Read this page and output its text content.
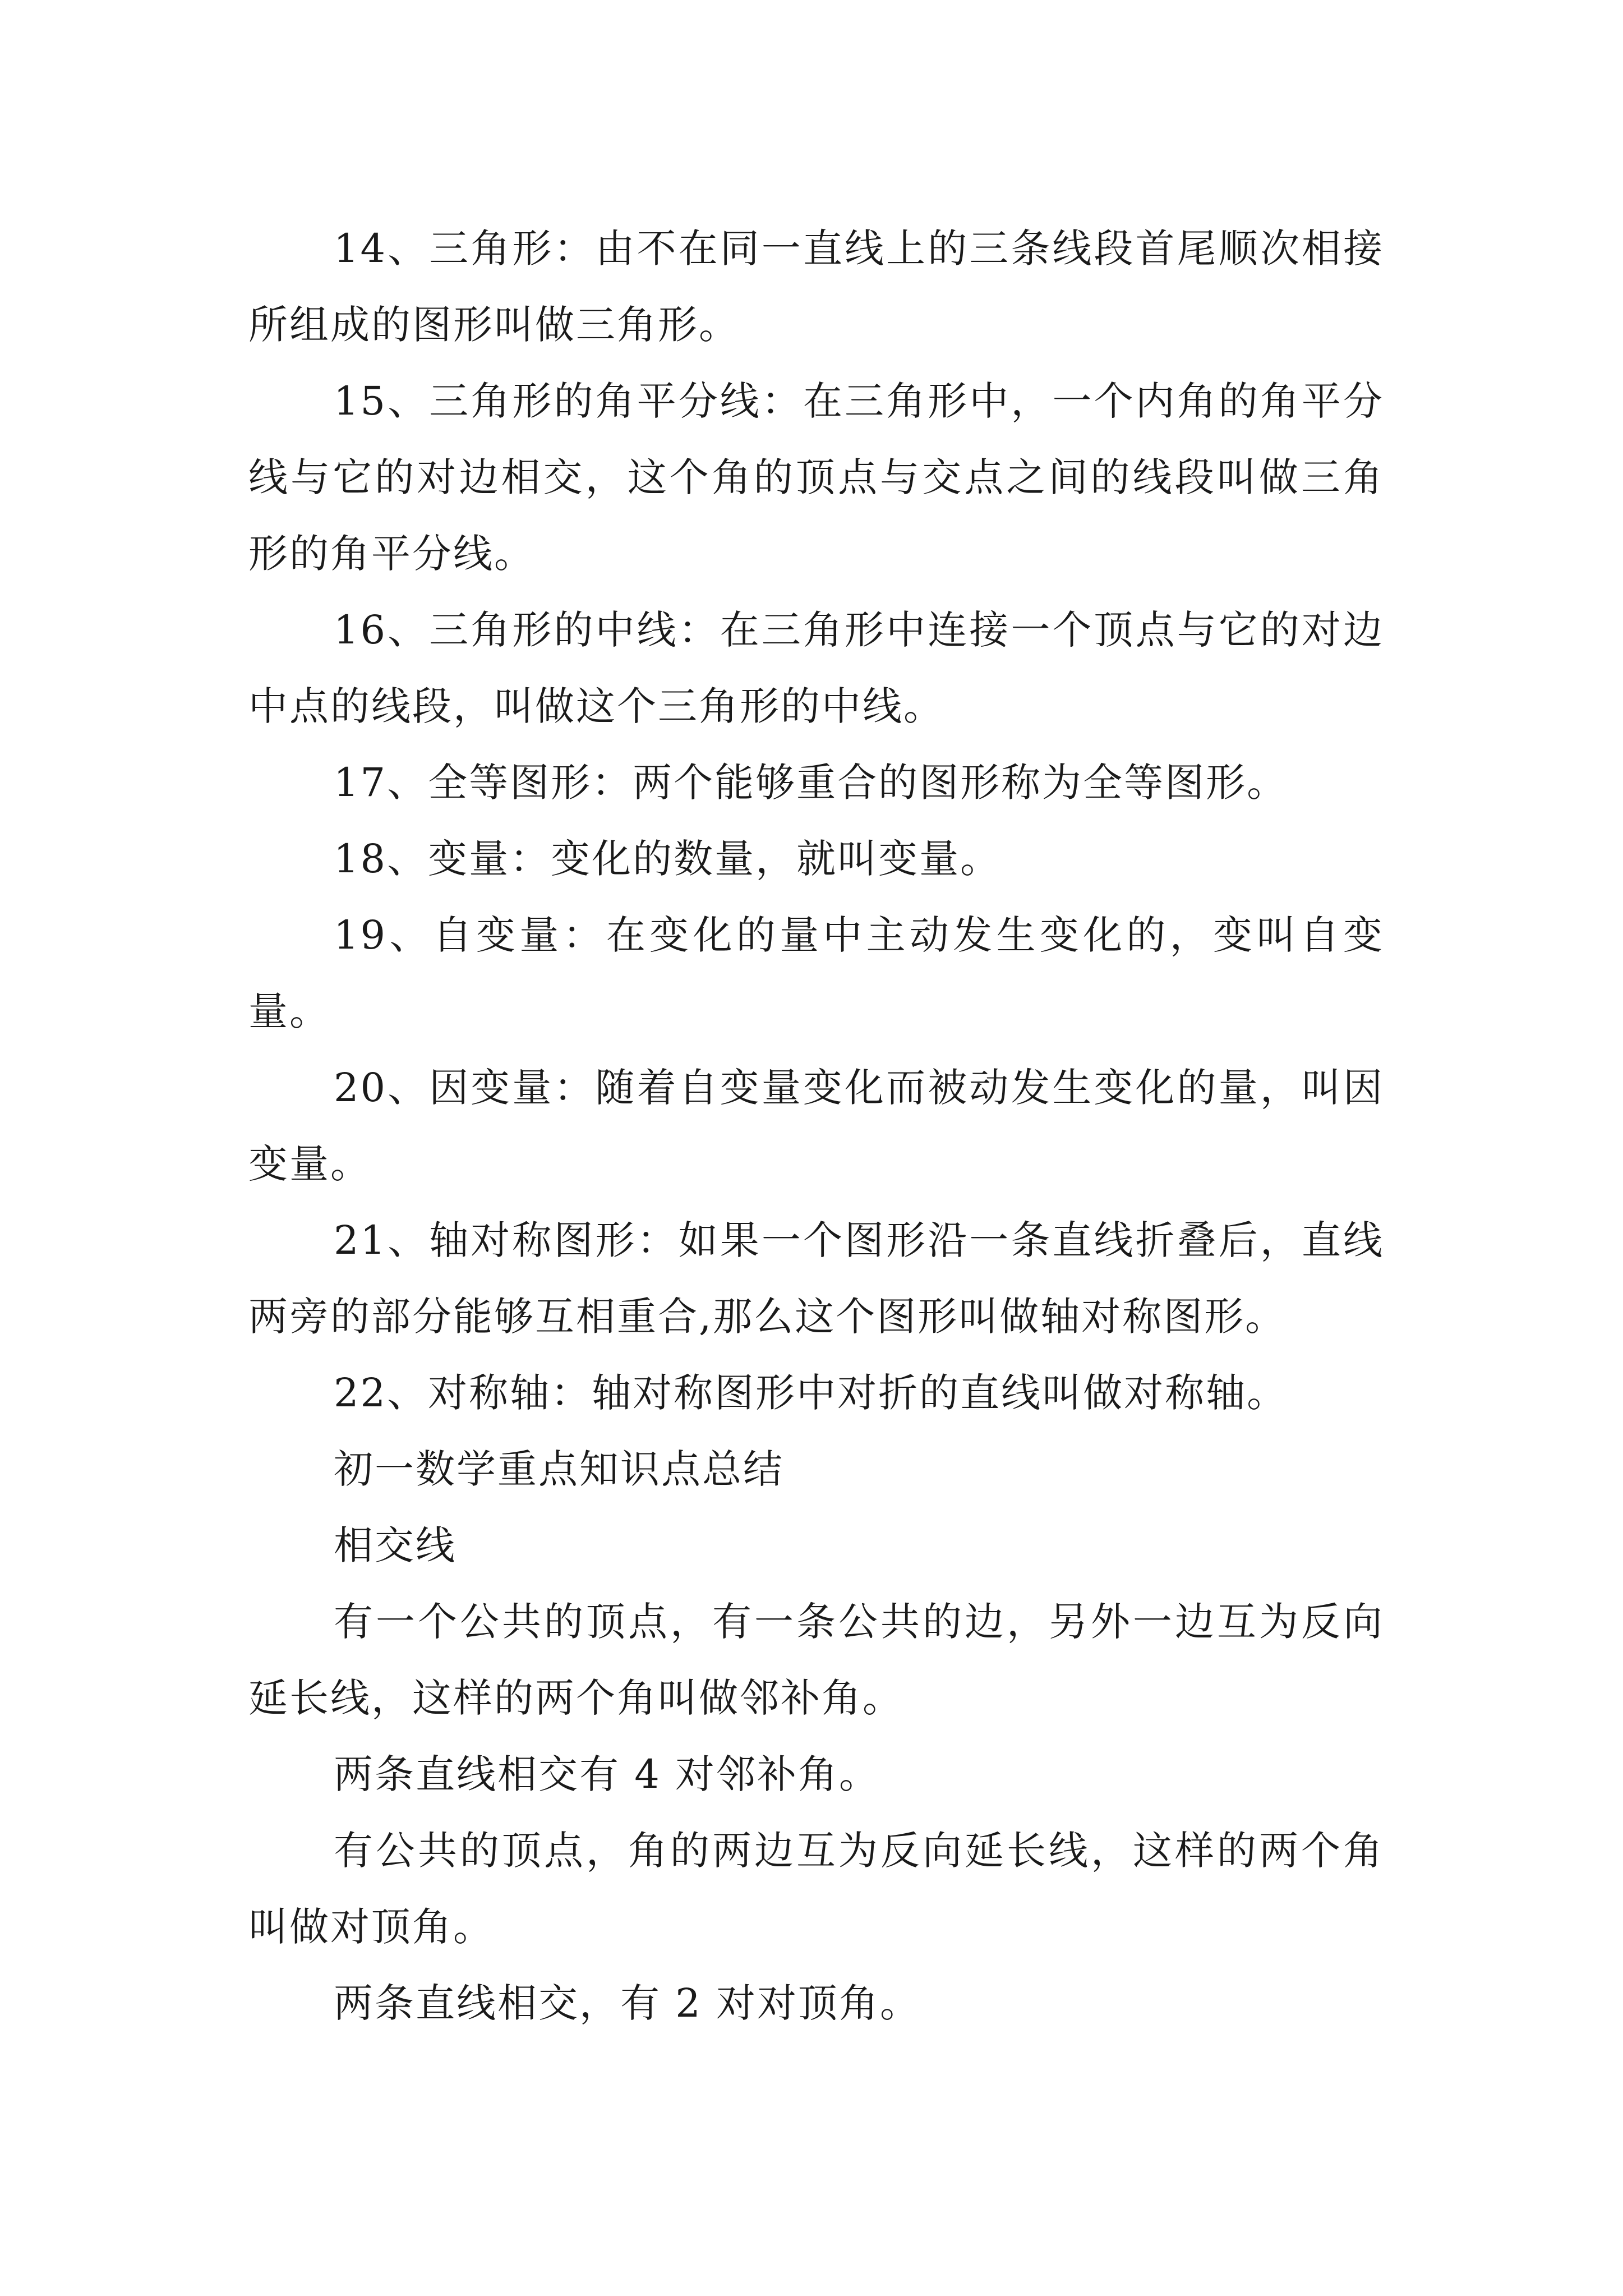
14、三角形：由不在同一直线上的三条线段首尾顺次相接所组成的图形叫做三角形。

15、三角形的角平分线：在三角形中，一个内角的角平分线与它的对边相交，这个角的顶点与交点之间的线段叫做三角形的角平分线。

16、三角形的中线：在三角形中连接一个顶点与它的对边中点的线段，叫做这个三角形的中线。

17、全等图形：两个能够重合的图形称为全等图形。

18、变量：变化的数量，就叫变量。

19、自变量：在变化的量中主动发生变化的，变叫自变量。

20、因变量：随着自变量变化而被动发生变化的量，叫因变量。

21、轴对称图形：如果一个图形沿一条直线折叠后，直线两旁的部分能够互相重合,那么这个图形叫做轴对称图形。

22、对称轴：轴对称图形中对折的直线叫做对称轴。

初一数学重点知识点总结

相交线

有一个公共的顶点，有一条公共的边，另外一边互为反向延长线，这样的两个角叫做邻补角。

两条直线相交有 4 对邻补角。

有公共的顶点，角的两边互为反向延长线，这样的两个角叫做对顶角。

两条直线相交，有 2 对对顶角。
